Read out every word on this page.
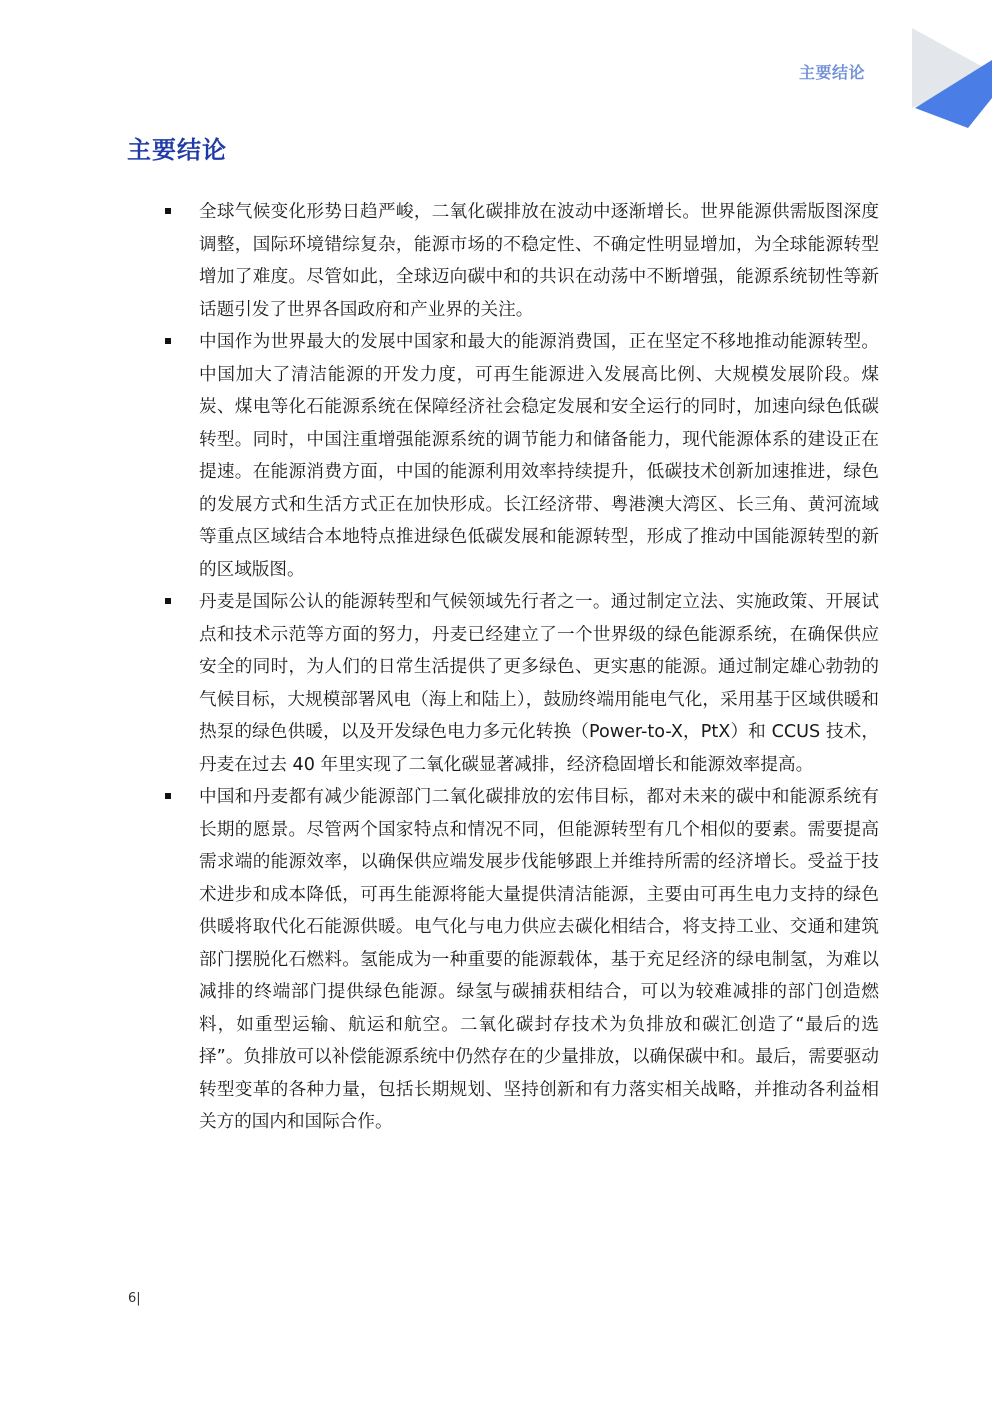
主要结论
主要结论
全球气候变化形势日趋严峻，二氧化碳排放在波动中逐渐增长。世界能源供需版图深度调整，国际环境错综复杂，能源市场的不稳定性、不确定性明显增加，为全球能源转型增加了难度。尽管如此，全球迈向碳中和的共识在动荡中不断增强，能源系统韧性等新话题引发了世界各国政府和产业界的关注。
中国作为世界最大的发展中国家和最大的能源消费国，正在坚定不移地推动能源转型。中国加大了清洁能源的开发力度，可再生能源进入发展高比例、大规模发展阶段。煤炭、煤电等化石能源系统在保障经济社会稳定发展和安全运行的同时，加速向绿色低碳转型。同时，中国注重增强能源系统的调节能力和储备能力，现代能源体系的建设正在提速。在能源消费方面，中国的能源利用效率持续提升，低碳技术创新加速推进，绿色的发展方式和生活方式正在加快形成。长江经济带、粤港澳大湾区、长三角、黄河流域等重点区域结合本地特点推进绿色低碳发展和能源转型，形成了推动中国能源转型的新的区域版图。
丹麦是国际公认的能源转型和气候领域先行者之一。通过制定立法、实施政策、开展试点和技术示范等方面的努力，丹麦已经建立了一个世界级的绿色能源系统，在确保供应安全的同时，为人们的日常生活提供了更多绿色、更实惠的能源。通过制定雄心勃勃的气候目标，大规模部署风电（海上和陆上），鼓励终端用能电气化，采用基于区域供暖和热泵的绿色供暖，以及开发绿色电力多元化转换（Power-to-X，PtX）和 CCUS 技术，丹麦在过去 40 年里实现了二氧化碳显著减排，经济稳固增长和能源效率提高。
中国和丹麦都有减少能源部门二氧化碳排放的宏伟目标，都对未来的碳中和能源系统有长期的愿景。尽管两个国家特点和情况不同，但能源转型有几个相似的要素。需要提高需求端的能源效率，以确保供应端发展步伐能够跟上并维持所需的经济增长。受益于技术进步和成本降低，可再生能源将能大量提供清洁能源，主要由可再生电力支持的绿色供暖将取代化石能源供暖。电气化与电力供应去碳化相结合，将支持工业、交通和建筑部门摆脱化石燃料。氢能成为一种重要的能源载体，基于充足经济的绿电制氢，为难以减排的终端部门提供绿色能源。绿氢与碳捕获相结合，可以为较难减排的部门创造燃料，如重型运输、航运和航空。二氧化碳封存技术为负排放和碳汇创造了“最后的选择”。负排放可以补偿能源系统中仍然存在的少量排放，以确保碳中和。最后，需要驱动转型变革的各种力量，包括长期规划、坚持创新和有力落实相关战略，并推动各利益相关方的国内和国际合作。
6|
